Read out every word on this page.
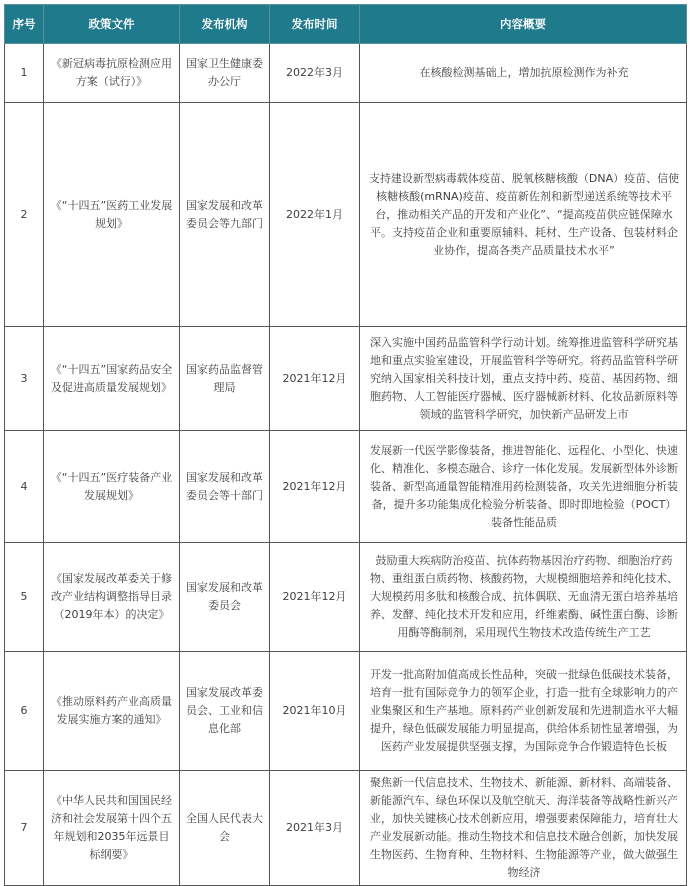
序号	政策文件	发布机构	发布时间	内容概要
1	《新冠病毒抗原检测应用方案（试行）》	国家卫生健康委办公厅	2022年3月	在核酸检测基础上，增加抗原检测作为补充
2	《“十四五”医药工业发展规划》	国家发展和改革委员会等九部门	2022年1月	支持建设新型病毒载体疫苗、脱氧核糖核酸（DNA）疫苗、信使核糖核酸(mRNA)疫苗、疫苗新佐剂和新型递送系统等技术平台，推动相关产品的开发和产业化”、“提高疫苗供应链保障水平。支持疫苗企业和重要原辅料、耗材、生产设备、包装材料企业协作，提高各类产品质量技术水平”
3	《“十四五”国家药品安全及促进高质量发展规划》	国家药品监督管理局	2021年12月	深入实施中国药品监管科学行动计划。统筹推进监管科学研究基地和重点实验室建设，开展监管科学等研究。将药品监管科学研究纳入国家相关科技计划，重点支持中药、疫苗、基因药物、细胞药物、人工智能医疗器械、医疗器械新材料、化妆品新原料等领域的监管科学研究，加快新产品研发上市
4	《“十四五”医疗装备产业发展规划》	国家发展和改革委员会等十部门	2021年12月	发展新一代医学影像装备，推进智能化、远程化、小型化、快速化、精准化、多模态融合、诊疗一体化发展。发展新型体外诊断装备、新型高通量智能精准用药检测装备，攻关先进细胞分析装备，提升多功能集成化检验分析装备、即时即地检验（POCT）装备性能品质
5	《国家发展改革委关于修改产业结构调整指导目录（2019年本）的决定》	国家发展和改革委员会	2021年12月	鼓励重大疾病防治疫苗、抗体药物基因治疗药物、细胞治疗药物、重组蛋白质药物、核酸药物，大规模细胞培养和纯化技术、大规模药用多肽和核酸合成、抗体偶联、无血清无蛋白培养基培养、发酵、纯化技术开发和应用，纤维素酶、碱性蛋白酶、诊断用酶等酶制剂，采用现代生物技术改造传统生产工艺
6	《推动原料药产业高质量发展实施方案的通知》	国家发展改革委员会、工业和信息化部	2021年10月	开发一批高附加值高成长性品种，突破一批绿色低碳技术装备，培育一批有国际竞争力的领军企业，打造一批有全球影响力的产业集聚区和生产基地。原料药产业创新发展和先进制造水平大幅提升，绿色低碳发展能力明显提高，供给体系韧性显著增强，为医药产业发展提供坚强支撑，为国际竞争合作锻造特色长板
7	《中华人民共和国国民经济和社会发展第十四个五年规划和2035年远景目标纲要》	全国人民代表大会	2021年3月	聚焦新一代信息技术、生物技术、新能源、新材料、高端装备、新能源汽车、绿色环保以及航空航天、海洋装备等战略性新兴产业，加快关键核心技术创新应用，增强要素保障能力，培育壮大产业发展新动能。推动生物技术和信息技术融合创新，加快发展生物医药、生物育种、生物材料、生物能源等产业，做大做强生物经济
